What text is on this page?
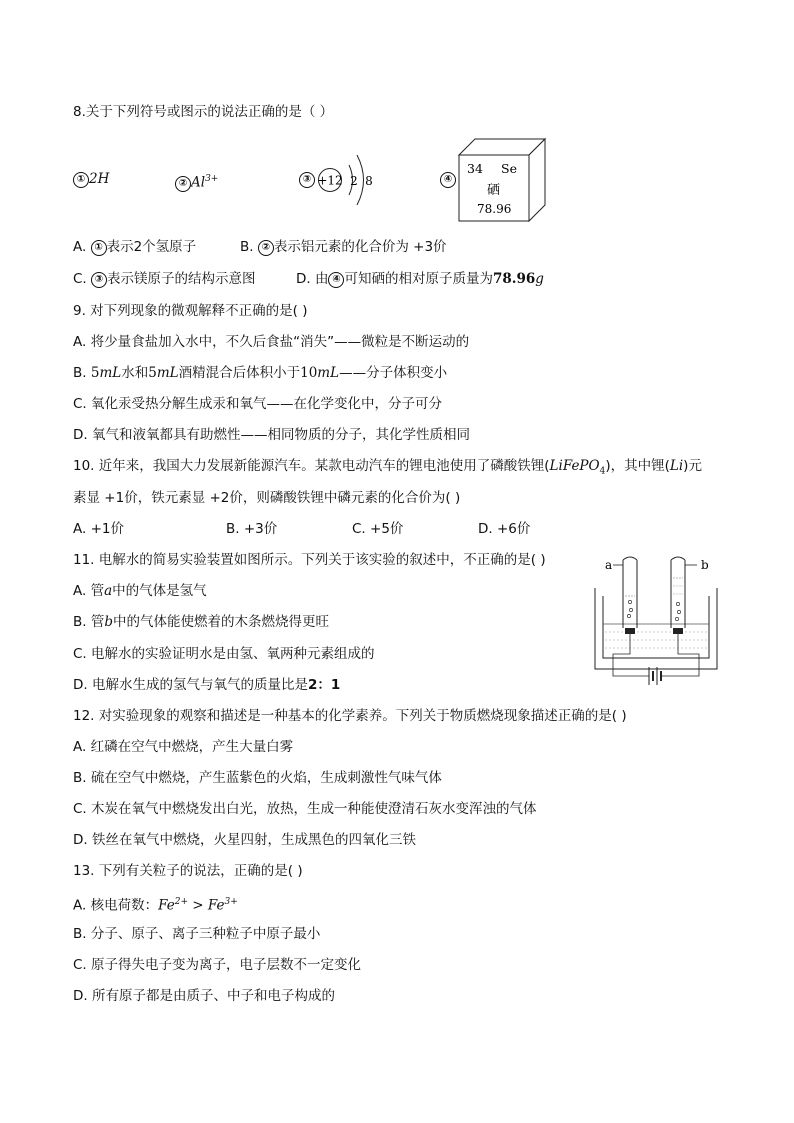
8.关于下列符号或图示的说法正确的是（ ）
① 2H	② $Al^{3+}$	③ +12 2 8	④
34 Se
硒
78.96
A. ① 表示2个氢原子	B. ② 表示铝元素的化合价为 +3价
C. ③ 表示镁原子的结构示意图	D. 由 ④ 可知硒的相对原子质量为78.96g
9. 对下列现象的微观解释不正确的是( )
A. 将少量食盐加入水中，不久后食盐“消失”——微粒是不断运动的
B. 5mL水和5mL酒精混合后体积小于10mL——分子体积变小
C. 氧化汞受热分解生成汞和氧气——在化学变化中，分子可分
D. 氧气和液氧都具有助燃性——相同物质的分子，其化学性质相同
10. 近年来，我国大力发展新能源汽车。某款电动汽车的锂电池使用了磷酸铁锂(LiFePO$_4$)，其中锂(Li)元
素显 +1价，铁元素显 +2价，则磷酸铁锂中磷元素的化合价为( )
A. +1价	B. +3价	C. +5价	D. +6价
11. 电解水的简易实验装置如图所示。下列关于该实验的叙述中，不正确的是( )
A. 管a中的气体是氢气
B. 管b中的气体能使燃着的木条燃烧得更旺
C. 电解水的实验证明水是由氢、氧两种元素组成的
D. 电解水生成的氢气与氧气的质量比是2：1
a	b
12. 对实验现象的观察和描述是一种基本的化学素养。下列关于物质燃烧现象描述正确的是( )
A. 红磷在空气中燃烧，产生大量白雾
B. 硫在空气中燃烧，产生蓝紫色的火焰，生成刺激性气味气体
C. 木炭在氧气中燃烧发出白光，放热，生成一种能使澄清石灰水变浑浊的气体
D. 铁丝在氧气中燃烧，火星四射，生成黑色的四氧化三铁
13. 下列有关粒子的说法，正确的是( )
A. 核电荷数：$Fe^{2+} > Fe^{3+}$
B. 分子、原子、离子三种粒子中原子最小
C. 原子得失电子变为离子，电子层数不一定变化
D. 所有原子都是由质子、中子和电子构成的
